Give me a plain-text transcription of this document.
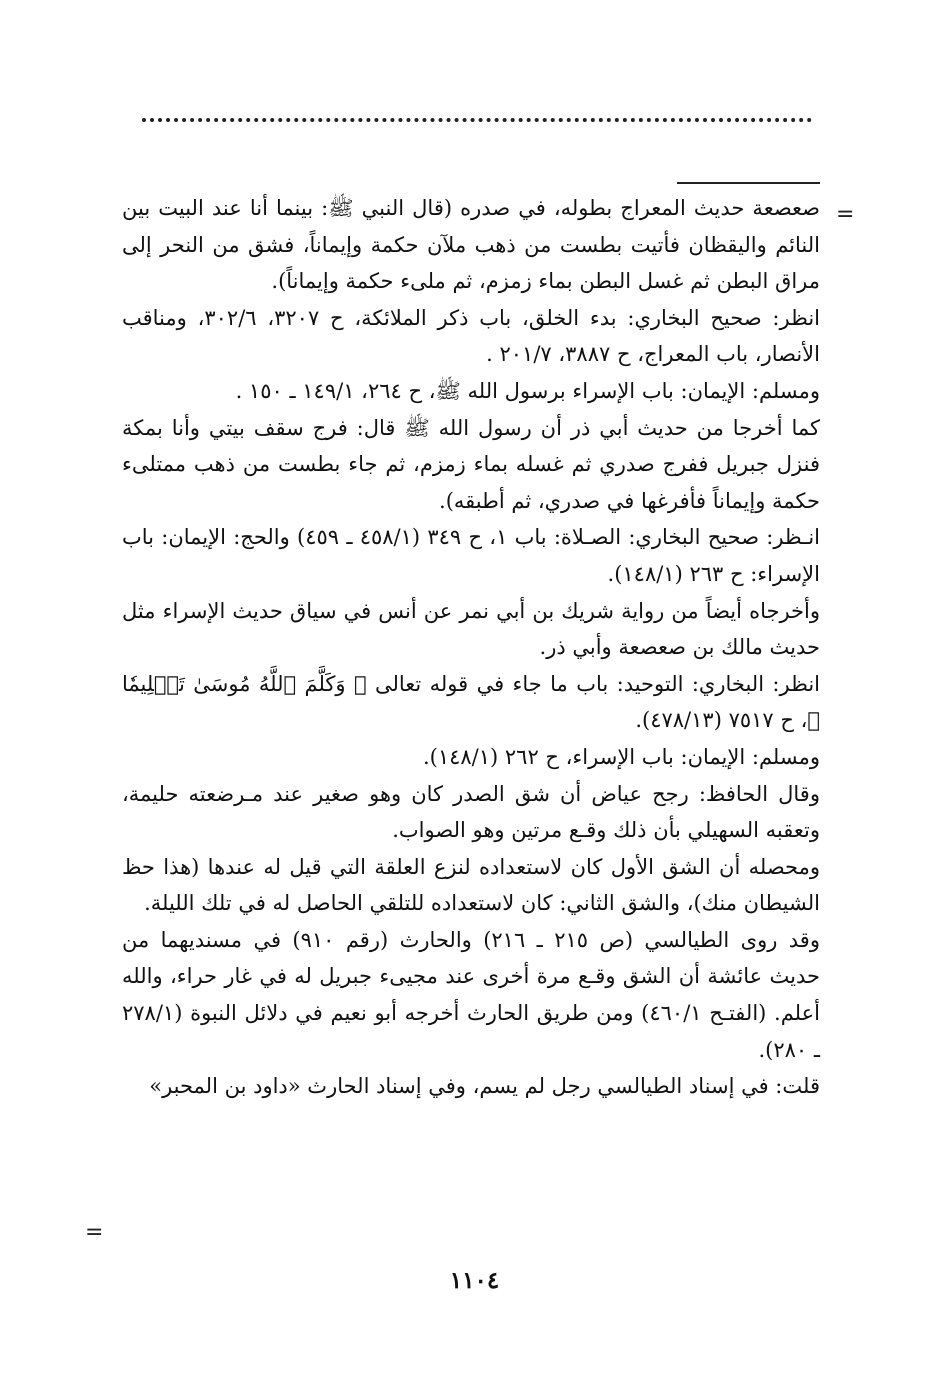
=
=

صعصعة حديث المعراج بطوله، في صدره (قال النبي ﷺ: بينما أنا عند البيت بين النائم واليقظان فأتيت بطست من ذهب ملآن حكمة وإيماناً، فشق من النحر إلى مراق البطن ثم غسل البطن بماء زمزم، ثم ملىء حكمة وإيماناً).

انظر: صحيح البخاري: بدء الخلق، باب ذكر الملائكة، ح ٣٢٠٧، ٣٠٢/٦، ومناقب الأنصار، باب المعراج، ح ٣٨٨٧، ٢٠١/٧ .

ومسلم: الإيمان: باب الإسراء برسول الله ﷺ، ح ٢٦٤، ١٤٩/١ ـ ١٥٠ .

كما أخرجا من حديث أبي ذر أن رسول الله ﷺ قال: فرج سقف بيتي وأنا بمكة فنزل جبريل ففرج صدري ثم غسله بماء زمزم، ثم جاء بطست من ذهب ممتلىء حكمة وإيماناً فأفرغها في صدري، ثم أطبقه).

انـظر: صحيح البخاري: الصـلاة: باب ١، ح ٣٤٩ (٤٥٨/١ ـ ٤٥٩) والحج: الإيمان: باب الإسراء: ح ٢٦٣ (١٤٨/١).

وأخرجاه أيضاً من رواية شريك بن أبي نمر عن أنس في سياق حديث الإسراء مثل حديث مالك بن صعصعة وأبي ذر.

انظر: البخاري: التوحيد: باب ما جاء في قوله تعالى ﴿ وَكَلَّمَ ٱللَّهُ مُوسَىٰ تَكۡلِيمٗا ﴾، ح ٧٥١٧ (٤٧٨/١٣).

ومسلم: الإيمان: باب الإسراء، ح ٢٦٢ (١٤٨/١).

وقال الحافظ: رجح عياض أن شق الصدر كان وهو صغير عند مـرضعته حليمة، وتعقبه السهيلي بأن ذلك وقـع مرتين وهو الصواب.

ومحصله أن الشق الأول كان لاستعداده لنزع العلقة التي قيل له عندها (هذا حظ الشيطان منك)، والشق الثاني: كان لاستعداده للتلقي الحاصل له في تلك الليلة.

وقد روى الطيالسي (ص ٢١٥ ـ ٢١٦) والحارث (رقم ٩١٠) في مسنديهما من حديث عائشة أن الشق وقـع مرة أخرى عند مجيىء جبريل له في غار حراء، والله أعلم. (الفتـح ٤٦٠/١) ومن طريق الحارث أخرجه أبو نعيم في دلائل النبوة (٢٧٨/١ ـ ٢٨٠).

قلت: في إسناد الطيالسي رجل لم يسم، وفي إسناد الحارث «داود بن المحبر»

١١٠٤
